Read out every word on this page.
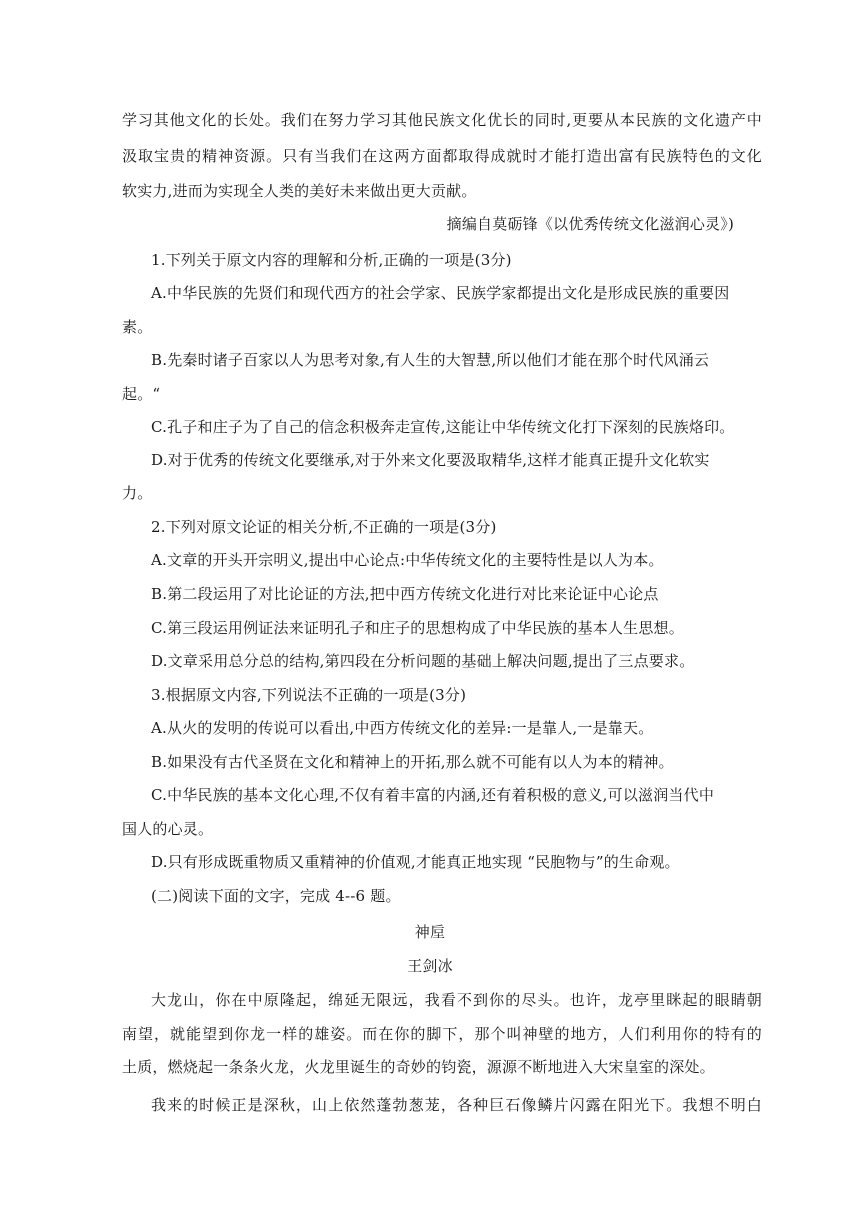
学习其他文化的长处。我们在努力学习其他民族文化优长的同时,更要从本民族的文化遗产中
汲取宝贵的精神资源。只有当我们在这两方面都取得成就时才能打造出富有民族特色的文化
软实力,进而为实现全人类的美好未来做出更大贡献。
摘编自莫砺锋《以优秀传统文化滋润心灵》)
1.下列关于原文内容的理解和分析,正确的一项是(3分)
A.中华民族的先贤们和现代西方的社会学家、民族学家都提出文化是形成民族的重要因
素。
B.先秦时诸子百家以人为思考对象,有人生的大智慧,所以他们才能在那个时代风涌云
起。“
C.孔子和庄子为了自己的信念积极奔走宣传,这能让中华传统文化打下深刻的民族烙印。
D.对于优秀的传统文化要继承,对于外来文化要汲取精华,这样才能真正提升文化软实
力。
2.下列对原文论证的相关分析,不正确的一项是(3分)
A.文章的开头开宗明义,提出中心论点:中华传统文化的主要特性是以人为本。
B.第二段运用了对比论证的方法,把中西方传统文化进行对比来论证中心论点
C.第三段运用例证法来证明孔子和庄子的思想构成了中华民族的基本人生思想。
D.文章采用总分总的结构,第四段在分析问题的基础上解决问题,提出了三点要求。
3.根据原文内容,下列说法不正确的一项是(3分)
A.从火的发明的传说可以看出,中西方传统文化的差异:一是靠人,一是靠天。
B.如果没有古代圣贤在文化和精神上的开拓,那么就不可能有以人为本的精神。
C.中华民族的基本文化心理,不仅有着丰富的内涵,还有着积极的意义,可以滋润当代中
国人的心灵。
D.只有形成既重物质又重精神的价值观,才能真正地实现 “民胞物与”的生命观。
(二)阅读下面的文字，完成 4--6 题。
神垕
王剑冰
大龙山，你在中原隆起，绵延无限远，我看不到你的尽头。也许，龙亭里眯起的眼睛朝
南望，就能望到你龙一样的雄姿。而在你的脚下，那个叫神壁的地方，人们利用你的特有的
土质，燃烧起一条条火龙，火龙里诞生的奇妙的钧瓷，源源不断地进入大宋皇室的深处。
我来的时候正是深秋，山上依然蓬勃葱茏，各种巨石像鳞片闪露在阳光下。我想不明白
